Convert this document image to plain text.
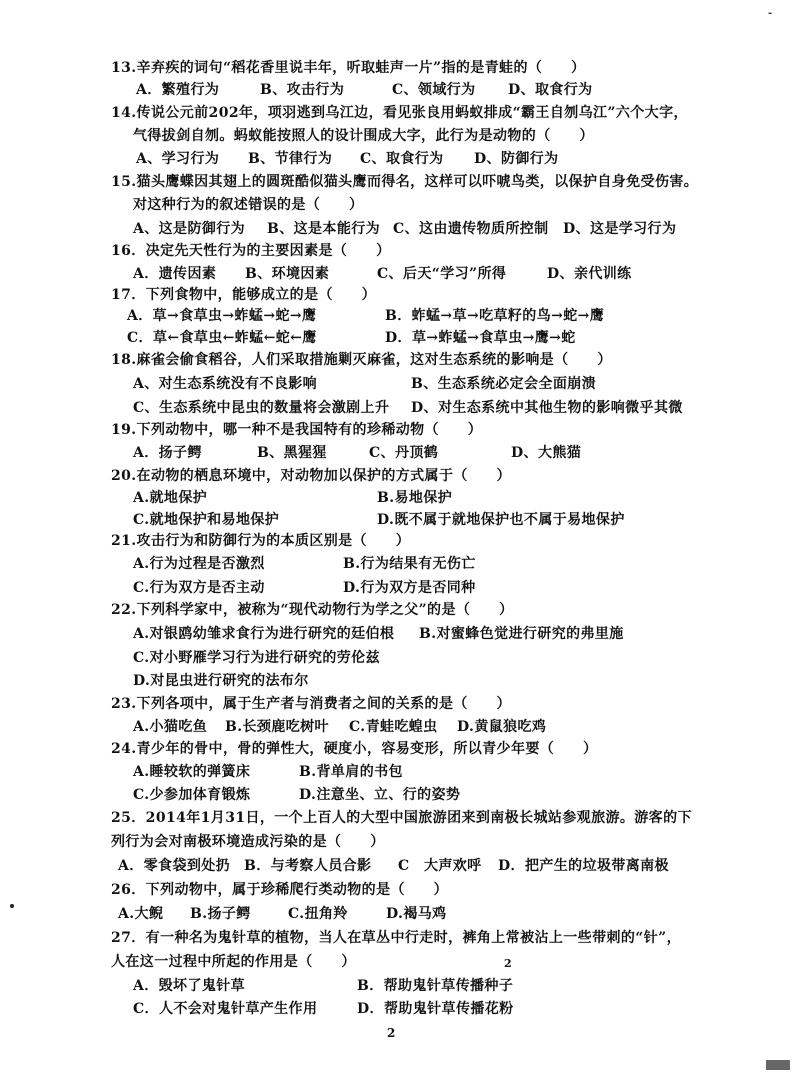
-
13.辛弃疾的词句“稻花香里说丰年，听取蛙声一片”指的是青蛙的（　　）
A．繁殖行为	B、攻击行为	C、领域行为 D、取食行为
14.传说公元前202年，项羽逃到乌江边，看见张良用蚂蚁排成“霸王自刎乌江”六个大字，
气得拔剑自刎。蚂蚁能按照人的设计围成大字，此行为是动物的（　　）
A、学习行为 B、节律行为 C、取食行为 D、防御行为
15.猫头鹰蝶因其翅上的圆斑酷似猫头鹰而得名，这样可以吓唬鸟类，以保护自身免受伤害。
对这种行为的叙述错误的是（　　）
A、这是防御行为 B、这是本能行为 C、这由遗传物质所控制 D、这是学习行为
16．决定先天性行为的主要因素是（　　）
A．遗传因素 B、环境因素	C、后天“学习”所得	D、亲代训练
17．下列食物中，能够成立的是（　　）
A．草→食草虫→蚱蜢→蛇→鹰	B．蚱蜢→草→吃草籽的鸟→蛇→鹰
C．草←食草虫←蚱蜢←蛇←鹰	D．草→蚱蜢→食草虫→鹰→蛇
18.麻雀会偷食稻谷，人们采取措施剿灭麻雀，这对生态系统的影响是（　　）
A、对生态系统没有不良影响	B、生态系统必定会全面崩溃
C、生态系统中昆虫的数量将会激剧上升 D、对生态系统中其他生物的影响微乎其微
19.下列动物中，哪一种不是我国特有的珍稀动物（　　）
A．扬子鳄	B、黑猩猩	C、丹顶鹤	D、大熊猫
20.在动物的栖息环境中，对动物加以保护的方式属于（　　）
A.就地保护	B.易地保护
C.就地保护和易地保护	D.既不属于就地保护也不属于易地保护
21.攻击行为和防御行为的本质区别是（　　）
A.行为过程是否激烈	B.行为结果有无伤亡
C.行为双方是否主动	D.行为双方是否同种
22.下列科学家中，被称为“现代动物行为学之父”的是（　　）
A.对银鸥幼雏求食行为进行研究的廷伯根 B.对蜜蜂色觉进行研究的弗里施
C.对小野雁学习行为进行研究的劳伦兹
D.对昆虫进行研究的法布尔
23.下列各项中，属于生产者与消费者之间的关系的是（　　）
A.小猫吃鱼 B.长颈鹿吃树叶 C.青蛙吃蝗虫 D.黄鼠狼吃鸡
24.青少年的骨中，骨的弹性大，硬度小，容易变形，所以青少年要（　　）
A.睡较软的弹簧床	B.背单肩的书包
C.少参加体育锻炼	D.注意坐、立、行的姿势
25．2014年1月31日，一个上百人的大型中国旅游团来到南极长城站参观旅游。游客的下
列行为会对南极环境造成污染的是（　　）
A．零食袋到处扔 B．与考察人员合影 C　大声欢呼 D．把产生的垃圾带离南极
26．下列动物中，属于珍稀爬行类动物的是（　　）
A.大鲵 B.扬子鳄	C.扭角羚	D.褐马鸡
27．有一种名为鬼针草的植物，当人在草丛中行走时，裤角上常被沾上一些带刺的“针”，
人在这一过程中所起的作用是（　　）	2
A．毁坏了鬼针草	B．帮助鬼针草传播种子
C．人不会对鬼针草产生作用	D．帮助鬼针草传播花粉
2
